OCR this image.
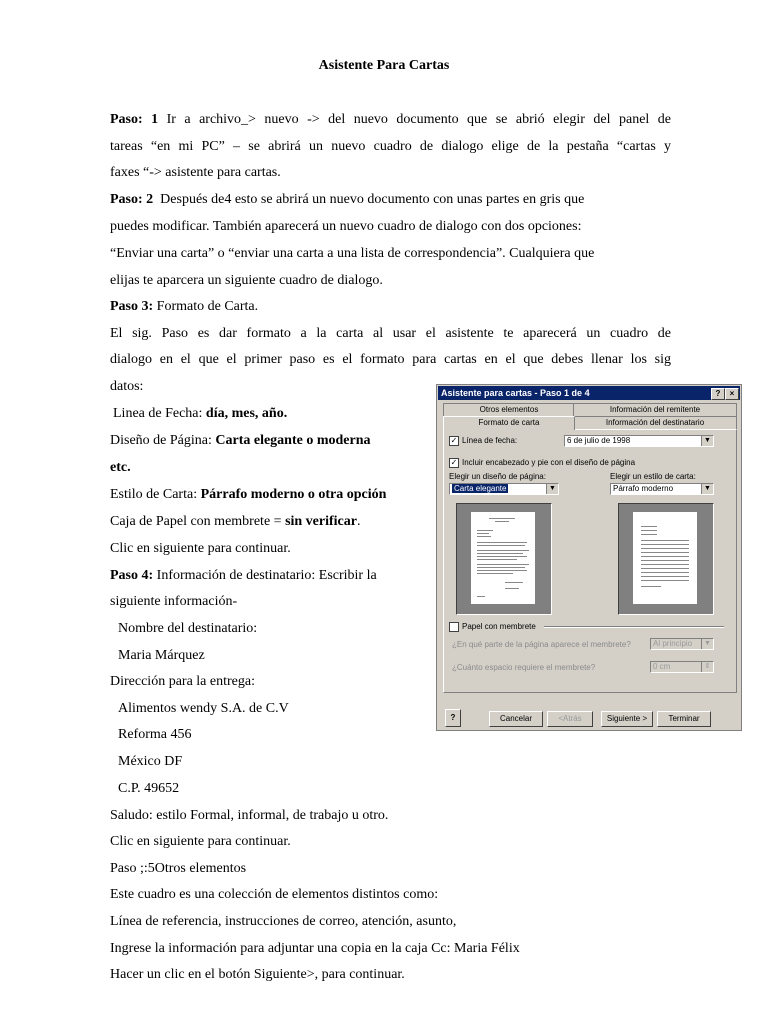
Asistente Para Cartas
Paso: 1 Ir a archivo_> nuevo -> del nuevo documento que se abrió elegir del panel de
tareas “en mi PC” – se abrirá un nuevo cuadro de dialogo elige de la pestaña “cartas y
faxes “-> asistente para cartas.
Paso: 2 Después de4 esto se abrirá un nuevo documento con unas partes en gris que
puedes modificar. También aparecerá un nuevo cuadro de dialogo con dos opciones:
“Enviar una carta” o “enviar una carta a una lista de correspondencia”. Cualquiera que
elijas te aparcera un siguiente cuadro de dialogo.
Paso 3: Formato de Carta.
El sig. Paso es dar formato a la carta al usar el asistente te aparecerá un cuadro de
dialogo en el que el primer paso es el formato para cartas en el que debes llenar los sig
datos:
Linea de Fecha: día, mes, año.
Diseño de Página: Carta elegante o moderna
etc.
Estilo de Carta: Párrafo moderno o otra opción
Caja de Papel con membrete = sin verificar.
Clic en siguiente para continuar.
Paso 4: Información de destinatario: Escribir la
siguiente información-
Nombre del destinatario:
Maria Márquez
Dirección para la entrega:
Alimentos wendy S.A. de C.V
Reforma 456
México DF
C.P. 49652
Saludo: estilo Formal, informal, de trabajo u otro.
Clic en siguiente para continuar.
Paso ;:5Otros elementos
Este cuadro es una colección de elementos distintos como:
Línea de referencia, instrucciones de correo, atención, asunto,
Ingrese la información para adjuntar una copia en la caja Cc: Maria Félix
Hacer un clic en el botón Siguiente>, para continuar.
Asistente para cartas - Paso 1 de 4	?	×
Otros elementos	Información del remitente
Formato de carta	Información del destinatario
✓ Línea de fecha:	6 de julio de 1998	▼
✓ Incluir encabezado y pie con el diseño de página
Elegir un diseño de página:
Carta elegante	▼
Elegir un estilo de carta:
Párrafo moderno	▼
Papel con membrete
¿En qué parte de la página aparece el membrete?	Al principio	▼
¿Cuánto espacio requiere el membrete?	0 cm	⇕
?	Cancelar	<Atrás	Siguiente >	Terminar
